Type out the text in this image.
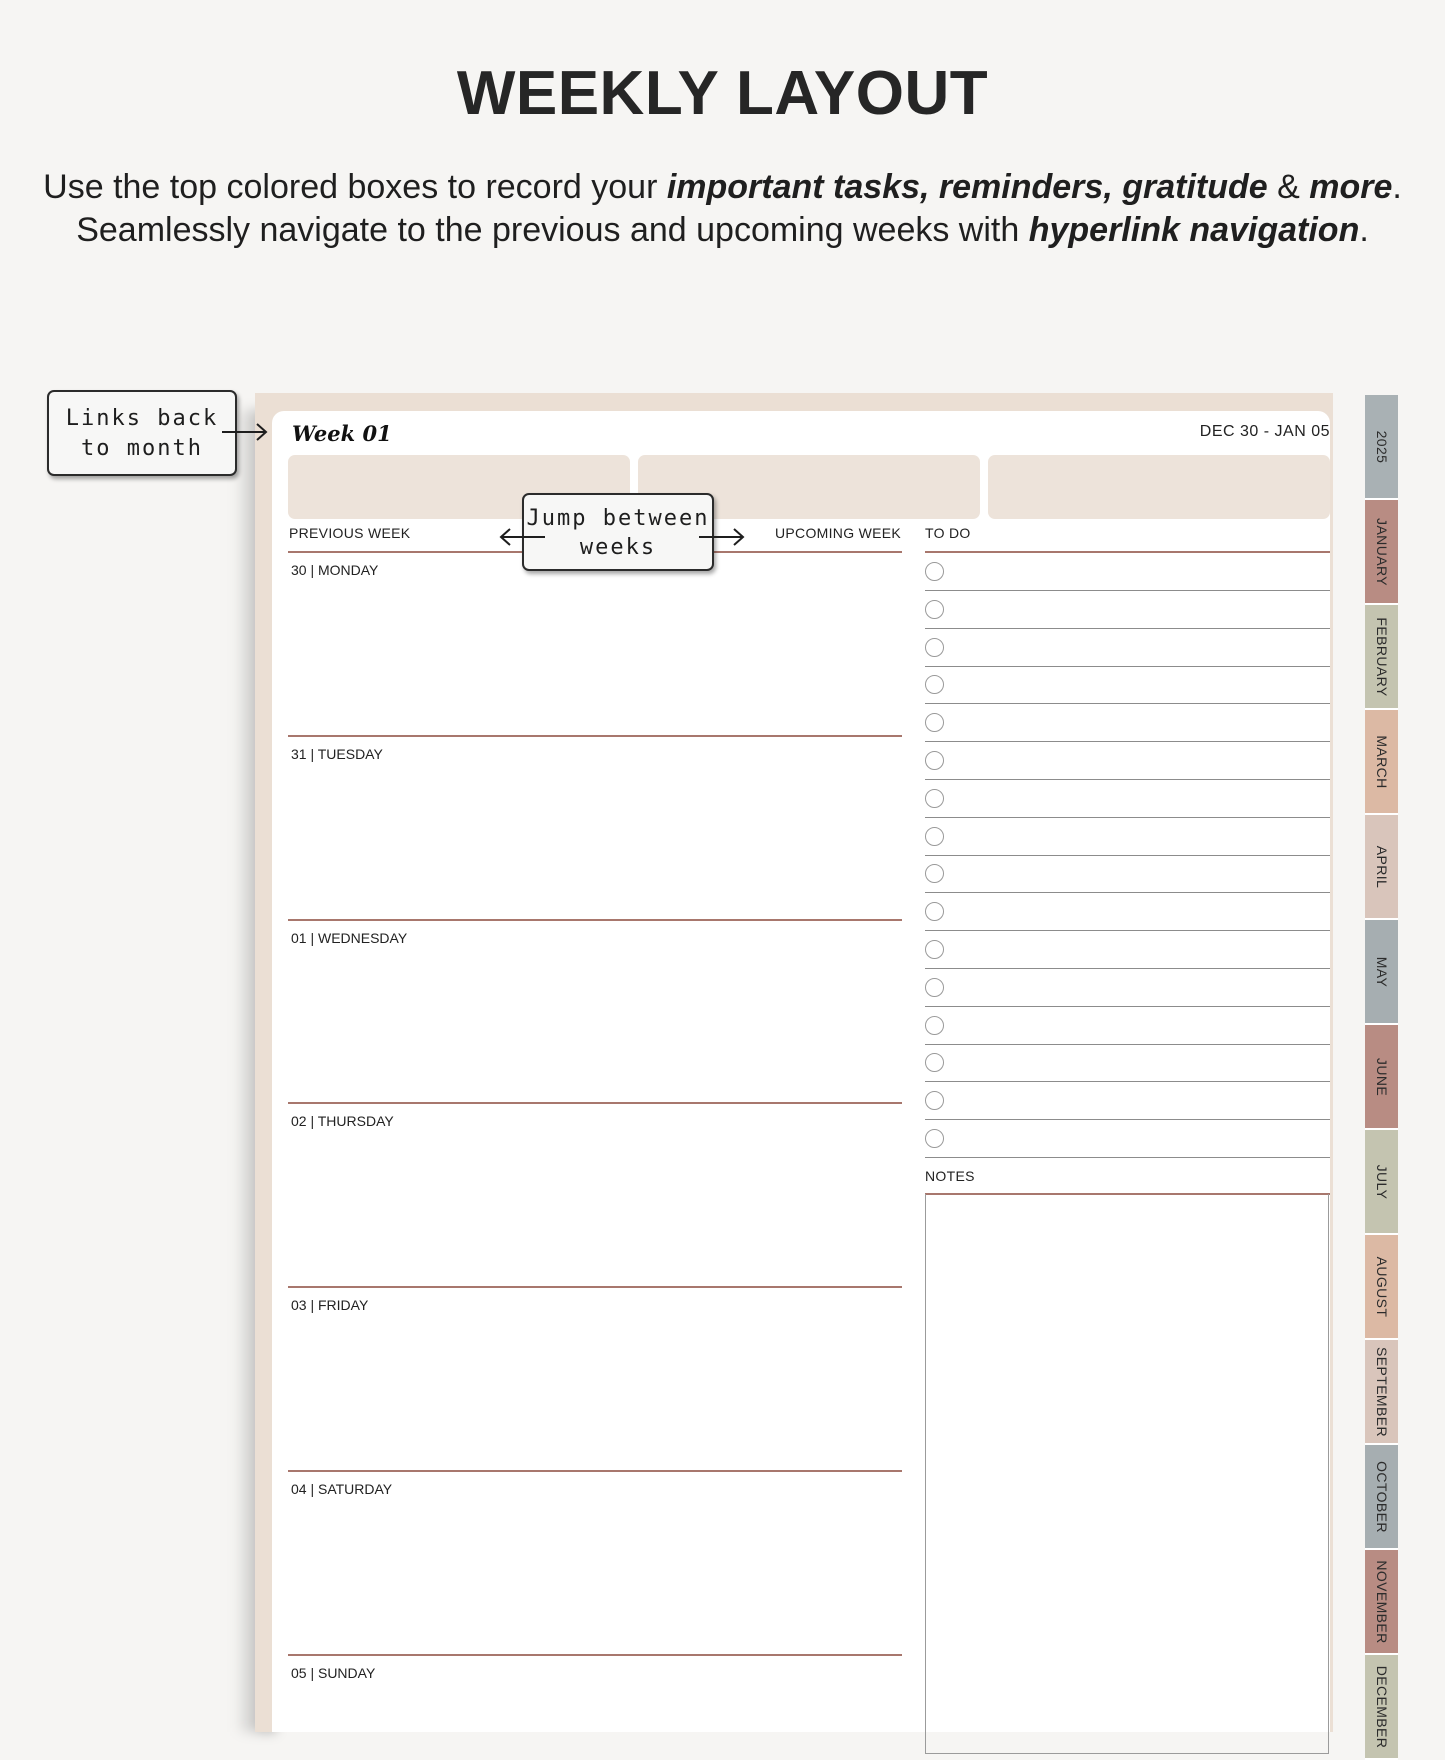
WEEKLY LAYOUT
Use the top colored boxes to record your important tasks, reminders, gratitude & more.
Seamlessly navigate to the previous and upcoming weeks with hyperlink navigation.
Week 01	DEC 30 - JAN 05
PREVIOUS WEEK	UPCOMING WEEK TO DO
30 | MONDAY
31 | TUESDAY
01 | WEDNESDAY
02 | THURSDAY
03 | FRIDAY
04 | SATURDAY
05 | SUNDAY
NOTES
2025
JANUARY
FEBRUARY
MARCH
APRIL
MAY
JUNE
JULY
AUGUST
SEPTEMBER
OCTOBER
NOVEMBER
DECEMBER
Links back
to month
Jump between
weeks
